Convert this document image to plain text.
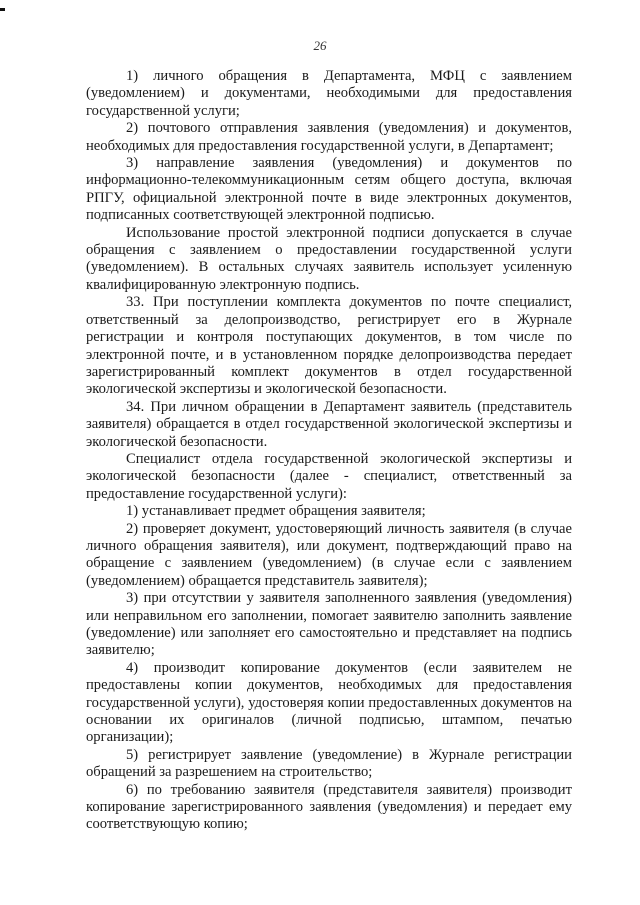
26

1) личного обращения в Департамента, МФЦ с заявлением (уведомлением) и документами, необходимыми для предоставления государственной услуги;

2) почтового отправления заявления (уведомления) и документов, необходимых для предоставления государственной услуги, в Департамент;

3) направление заявления (уведомления) и документов по информационно-телекоммуникационным сетям общего доступа, включая РПГУ, официальной электронной почте в виде электронных документов, подписанных соответствующей электронной подписью.

Использование простой электронной подписи допускается в случае обращения с заявлением о предоставлении государственной услуги (уведомлением). В остальных случаях заявитель использует усиленную квалифицированную электронную подпись.

33. При поступлении комплекта документов по почте специалист, ответственный за делопроизводство, регистрирует его в Журнале регистрации и контроля поступающих документов, в том числе по электронной почте, и в установленном порядке делопроизводства передает зарегистрированный комплект документов в отдел государственной экологической экспертизы и экологической безопасности.

34. При личном обращении в Департамент заявитель (представитель заявителя) обращается в отдел государственной экологической экспертизы и экологической безопасности.

Специалист отдела государственной экологической экспертизы и экологической безопасности (далее - специалист, ответственный за предоставление государственной услуги):

1) устанавливает предмет обращения заявителя;

2) проверяет документ, удостоверяющий личность заявителя (в случае личного обращения заявителя), или документ, подтверждающий право на обращение с заявлением (уведомлением) (в случае если с заявлением (уведомлением) обращается представитель заявителя);

3) при отсутствии у заявителя заполненного заявления (уведомления) или неправильном его заполнении, помогает заявителю заполнить заявление (уведомление) или заполняет его самостоятельно и представляет на подпись заявителю;

4) производит копирование документов (если заявителем не предоставлены копии документов, необходимых для предоставления государственной услуги), удостоверяя копии предоставленных документов на основании их оригиналов (личной подписью, штампом, печатью организации);

5) регистрирует заявление (уведомление) в Журнале регистрации обращений за разрешением на строительство;

6) по требованию заявителя (представителя заявителя) производит копирование зарегистрированного заявления (уведомления) и передает ему соответствующую копию;
